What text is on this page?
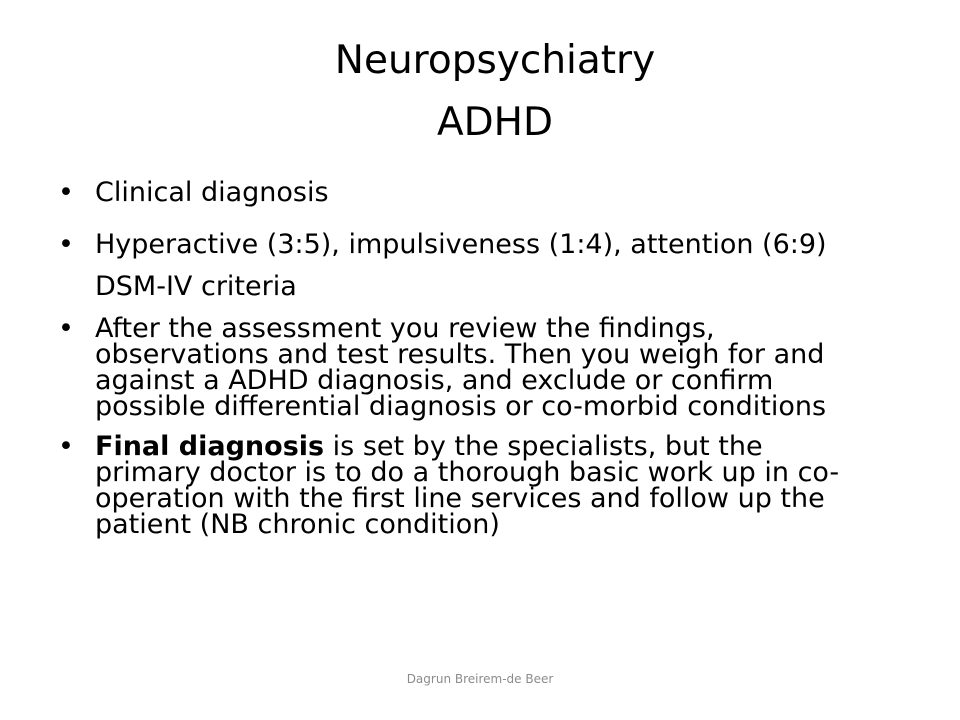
Neuropsychiatry
ADHD
• Clinical diagnosis
• Hyperactive (3:5), impulsiveness (1:4), attention (6:9) DSM-IV criteria
• After the assessment you review the findings, observations and test results. Then you weigh for and against a ADHD diagnosis, and exclude or confirm possible differential diagnosis or co-morbid conditions
• Final diagnosis is set by the specialists, but the primary doctor is to do a thorough basic work up in co-operation with the first line services and follow up the patient (NB chronic condition)
Dagrun Breirem-de Beer
